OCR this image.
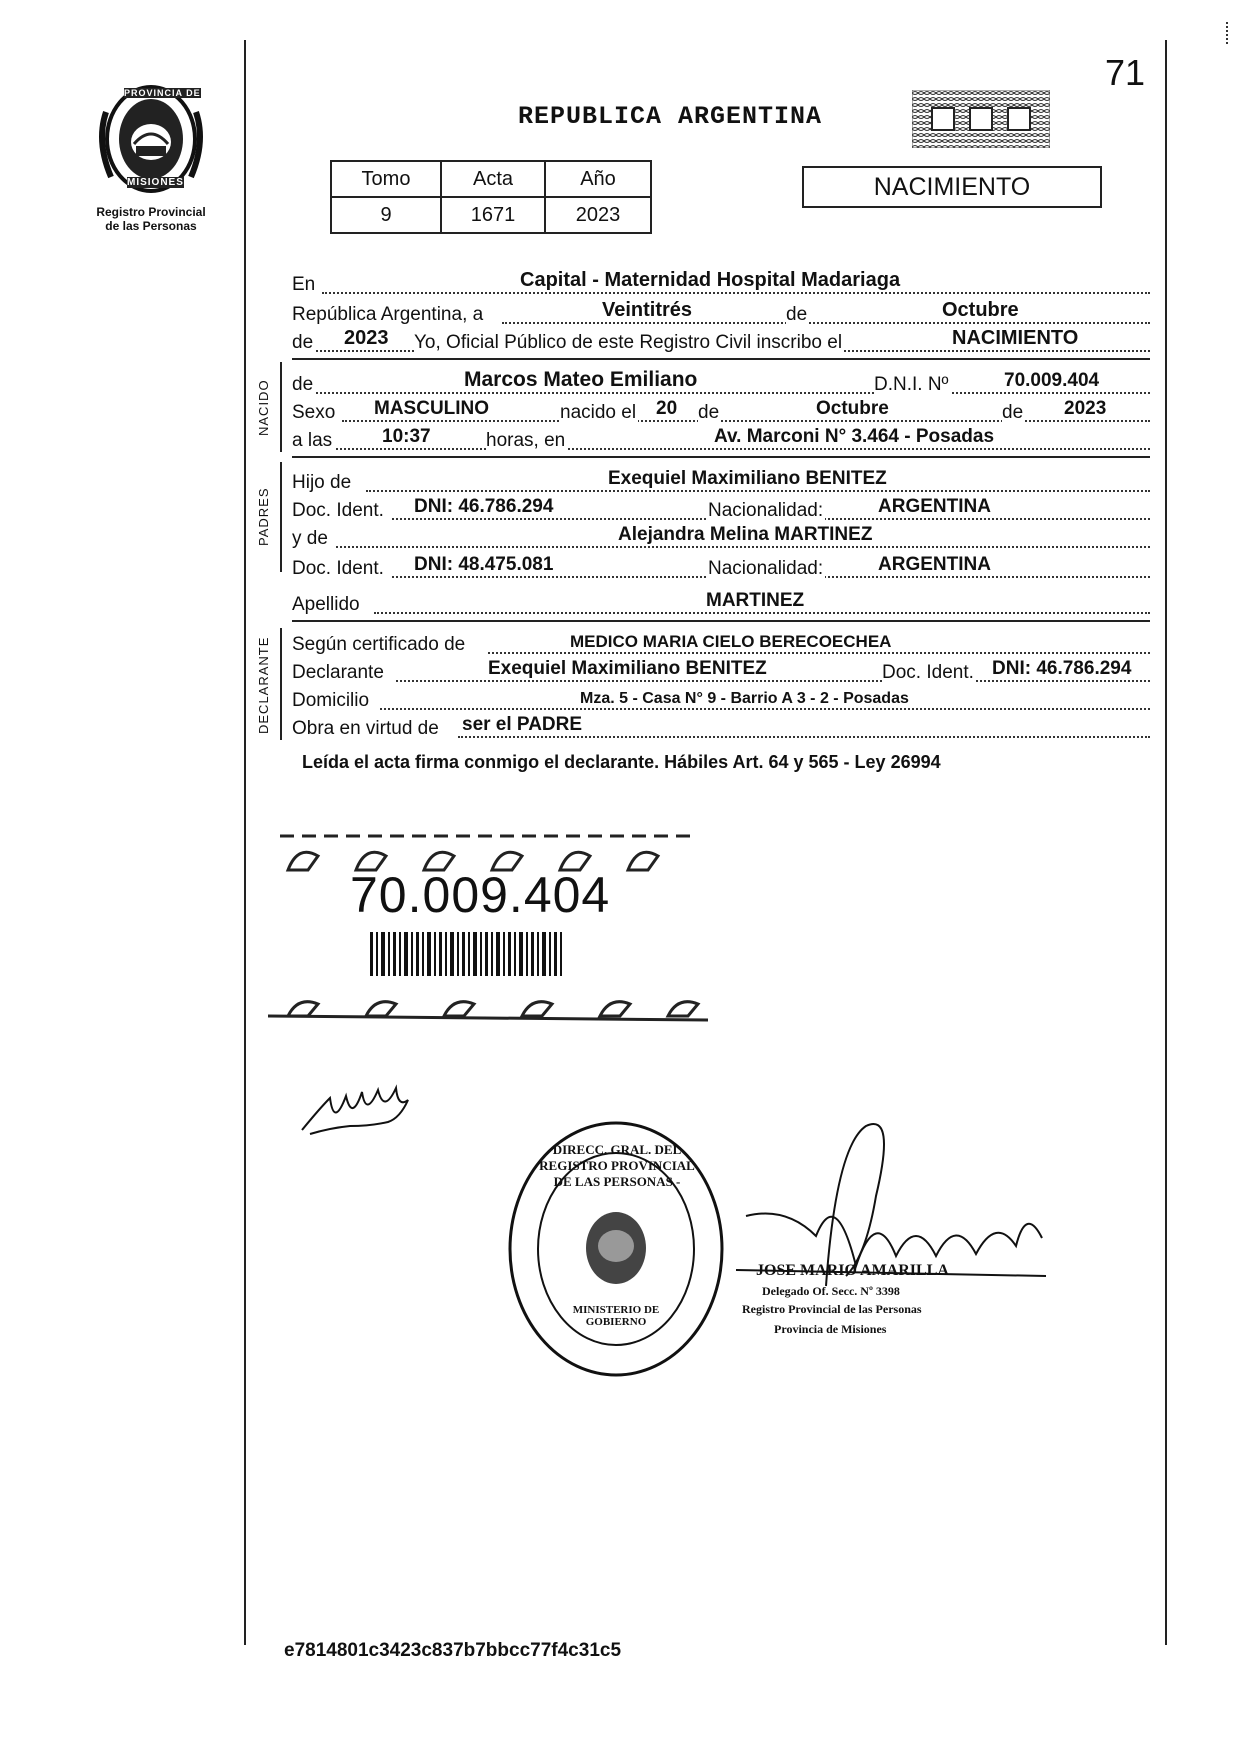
PROVINCIA DE
MISIONES
Registro Provincial
de las Personas
REPUBLICA ARGENTINA
71
Tomo	Acta	Año
9	1671	2023
NACIMIENTO
En	Capital - Maternidad Hospital Madariaga
República Argentina, a	Veintitrés	de	Octubre
de 2023 Yo, Oficial Público de este Registro Civil inscribo el	NACIMIENTO
NACIDO de	Marcos Mateo Emiliano	D.N.I. Nº	70.009.404
Sexo MASCULINO	nacido el 20 de	Octubre	de 2023
a las	10:37	horas, en	Av. Marconi N° 3.464 - Posadas
PADRES
Hijo de	Exequiel Maximiliano BENITEZ
Doc. Ident. DNI: 46.786.294	Nacionalidad:	ARGENTINA
y de	Alejandra Melina MARTINEZ
Doc. Ident. DNI: 48.475.081	Nacionalidad:	ARGENTINA
Apellido	MARTINEZ
DECLARANTE Según certificado de	MEDICO MARIA CIELO BERECOECHEA
Declarante	Exequiel Maximiliano BENITEZ	Doc. Ident. DNI: 46.786.294
Domicilio	Mza. 5 - Casa N° 9 - Barrio A 3 - 2 - Posadas
Obra en virtud de ser el PADRE
Leída el acta firma conmigo el declarante. Hábiles Art. 64 y 565 - Ley 26994
70.009.404
DIRECC. GRAL. DEL REGISTRO PROVINCIAL DE LAS PERSONAS -
MINISTERIO DE GOBIERNO
JOSE MARIO AMARILLA
Delegado Of. Secc. Nº 3398
Registro Provincial de las Personas
Provincia de Misiones
e7814801c3423c837b7bbcc77f4c31c5
